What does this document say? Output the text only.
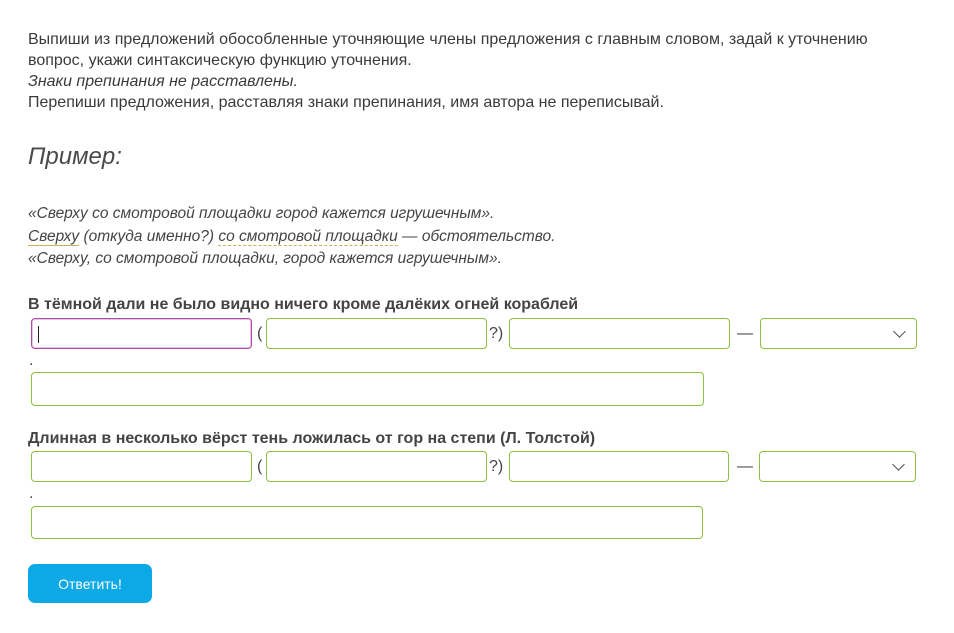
Выпиши из предложений обособленные уточняющие члены предложения с главным словом, задай к уточнению вопрос, укажи синтаксическую функцию уточнения.

Знаки препинания не расставлены.

Перепиши предложения, расставляя знаки препинания, имя автора не переписывай.

Пример:

«Сверху со смотровой площадки город кажется игрушечным».

Сверху (откуда именно?) со смотровой площадки — обстоятельство.

«Сверху, со смотровой площадки, город кажется игрушечным».

В тёмной дали не было видно ничего кроме далёких огней кораблей
(	?)	—
.
Длинная в несколько вёрст тень ложилась от гор на степи (Л. Толстой)
(	?)	—
.
Ответить!
